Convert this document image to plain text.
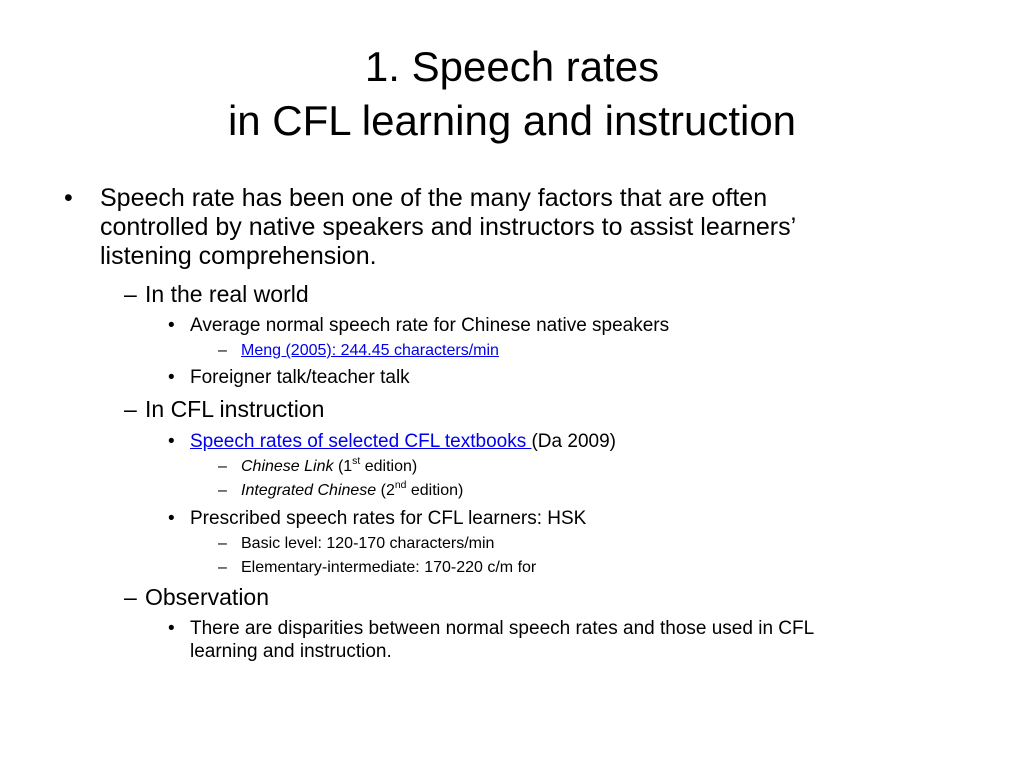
1. Speech rates
in CFL learning and instruction
• Speech rate has been one of the many factors that are often
controlled by native speakers and instructors to assist learners’
listening comprehension.
– In the real world
• Average normal speech rate for Chinese native speakers
– Meng (2005): 244.45 characters/min
• Foreigner talk/teacher talk
– In CFL instruction
• Speech rates of selected CFL textbooks (Da 2009)
– Chinese Link (1st edition)
– Integrated Chinese (2nd edition)
• Prescribed speech rates for CFL learners: HSK
– Basic level: 120-170 characters/min
– Elementary-intermediate: 170-220 c/m for
– Observation
• There are disparities between normal speech rates and those used in CFL
learning and instruction.
